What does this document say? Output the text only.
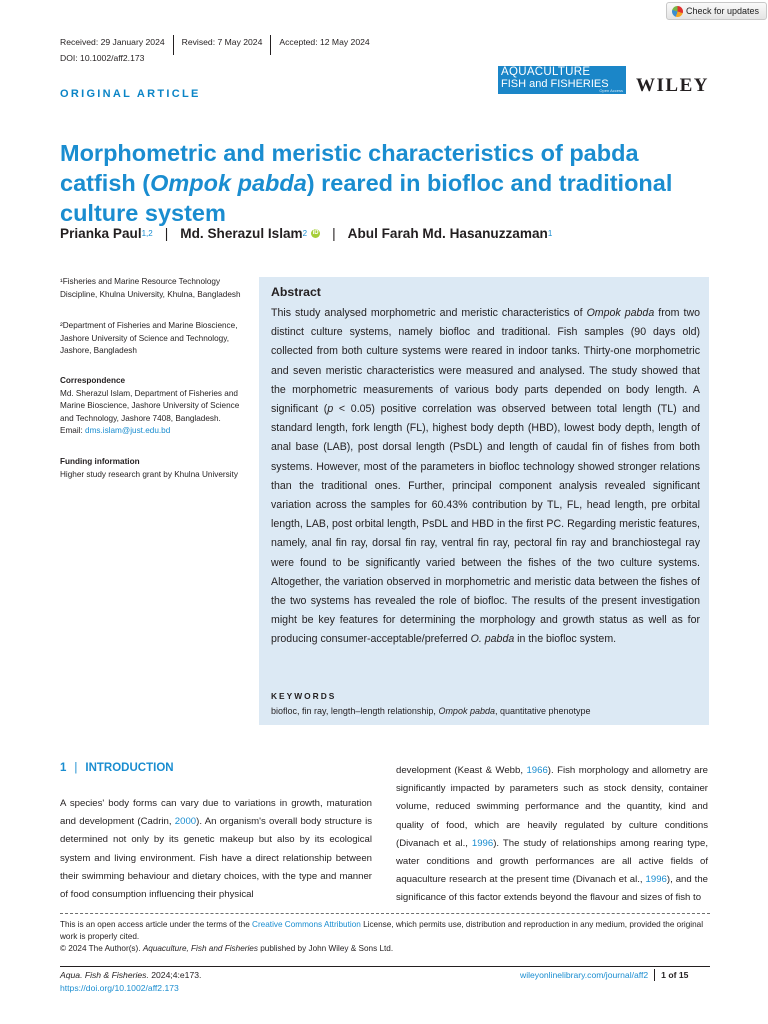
Check for updates
Received: 29 January 2024 Revised: 7 May 2024 Accepted: 12 May 2024
DOI: 10.1002/aff2.173
ORIGINAL ARTICLE
AQUACULTURE
FISH and FISHERIES
Open Access WILEY
Morphometric and meristic characteristics of pabda catfish (Ompok pabda) reared in biofloc and traditional culture system
Prianka Paul 1,2 | Md. Sherazul Islam 2 iD | Abul Farah Md. Hasanuzzaman 1
¹Fisheries and Marine Resource Technology Discipline, Khulna University, Khulna, Bangladesh
²Department of Fisheries and Marine Bioscience, Jashore University of Science and Technology, Jashore, Bangladesh
Correspondence
Md. Sherazul Islam, Department of Fisheries and Marine Bioscience, Jashore University of Science and Technology, Jashore 7408, Bangladesh. Email: dms.islam@just.edu.bd
Funding information
Higher study research grant by Khulna University
Abstract
This study analysed morphometric and meristic characteristics of Ompok pabda from two distinct culture systems, namely biofloc and traditional. Fish samples (90 days old) collected from both culture systems were reared in indoor tanks. Thirty-one morphometric and seven meristic characteristics were measured and analysed. The study showed that the morphometric measurements of various body parts depended on body length. A significant (p < 0.05) positive correlation was observed between total length (TL) and standard length, fork length (FL), highest body depth (HBD), lowest body depth, length of anal base (LAB), post dorsal length (PsDL) and length of caudal fin of fishes from both systems. However, most of the parameters in biofloc technology showed stronger relations than the traditional ones. Further, principal component analysis revealed significant variation across the samples for 60.43% contribution by TL, FL, head length, pre orbital length, LAB, post orbital length, PsDL and HBD in the first PC. Regarding meristic features, namely, anal fin ray, dorsal fin ray, ventral fin ray, pectoral fin ray and branchiostegal ray were found to be significantly varied between the fishes of the two culture systems. Altogether, the variation observed in morphometric and meristic data between the fishes of the two systems has revealed the role of biofloc. The results of the present investigation might be key features for determining the morphology and growth status as well as for producing consumer-acceptable/preferred O. pabda in the biofloc system.
KEYWORDS
biofloc, fin ray, length–length relationship, Ompok pabda, quantitative phenotype
1 | INTRODUCTION
A species' body forms can vary due to variations in growth, maturation and development (Cadrin, 2000). An organism's overall body structure is determined not only by its genetic makeup but also by its ecological system and living environment. Fish have a direct relationship between their swimming behaviour and dietary choices, with the type and manner of food consumption influencing their physical
development (Keast & Webb, 1966). Fish morphology and allometry are significantly impacted by parameters such as stock density, container volume, reduced swimming performance and the quantity, kind and quality of food, which are heavily regulated by culture conditions (Divanach et al., 1996). The study of relationships among rearing type, water conditions and growth performances are all active fields of aquaculture research at the present time (Divanach et al., 1996), and the significance of this factor extends beyond the flavour and sizes of fish to
This is an open access article under the terms of the Creative Commons Attribution License, which permits use, distribution and reproduction in any medium, provided the original work is properly cited.
© 2024 The Author(s). Aquaculture, Fish and Fisheries published by John Wiley & Sons Ltd.
Aqua. Fish & Fisheries. 2024;4:e173.
https://doi.org/10.1002/aff2.173
wileyonlinelibrary.com/journal/aff2 1 of 15
